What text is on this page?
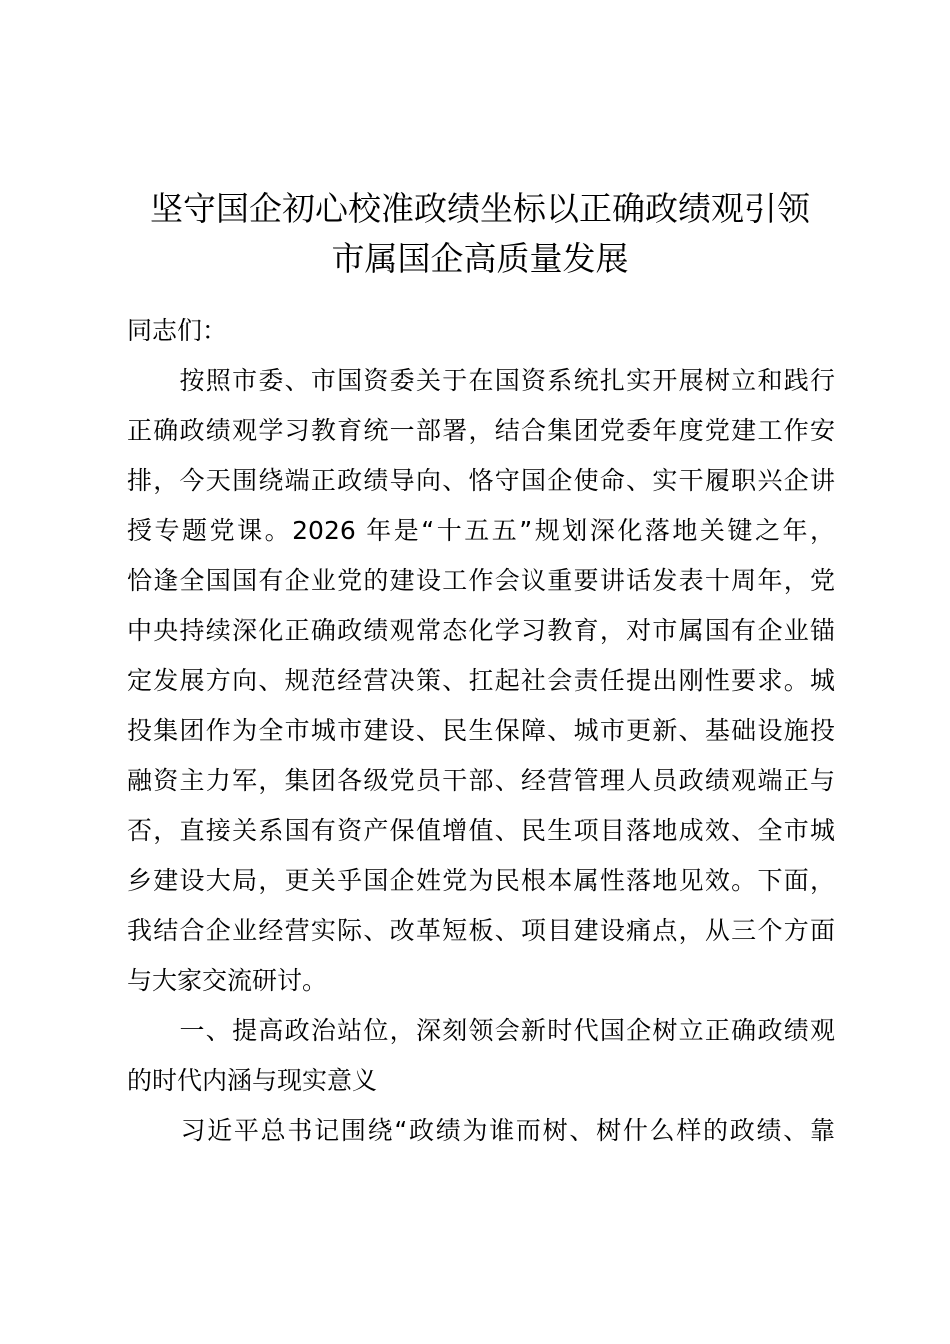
坚守国企初心校准政绩坐标以正确政绩观引领
市属国企高质量发展
同志们：
　　按照市委、市国资委关于在国资系统扎实开展树立和践行
正确政绩观学习教育统一部署，结合集团党委年度党建工作安
排，今天围绕端正政绩导向、恪守国企使命、实干履职兴企讲
授专题党课。2026 年是“十五五”规划深化落地关键之年，
恰逢全国国有企业党的建设工作会议重要讲话发表十周年，党
中央持续深化正确政绩观常态化学习教育，对市属国有企业锚
定发展方向、规范经营决策、扛起社会责任提出刚性要求。城
投集团作为全市城市建设、民生保障、城市更新、基础设施投
融资主力军，集团各级党员干部、经营管理人员政绩观端正与
否，直接关系国有资产保值增值、民生项目落地成效、全市城
乡建设大局，更关乎国企姓党为民根本属性落地见效。下面，
我结合企业经营实际、改革短板、项目建设痛点，从三个方面
与大家交流研讨。
　　一、提高政治站位，深刻领会新时代国企树立正确政绩观
的时代内涵与现实意义
　　习近平总书记围绕“政绩为谁而树、树什么样的政绩、靠
